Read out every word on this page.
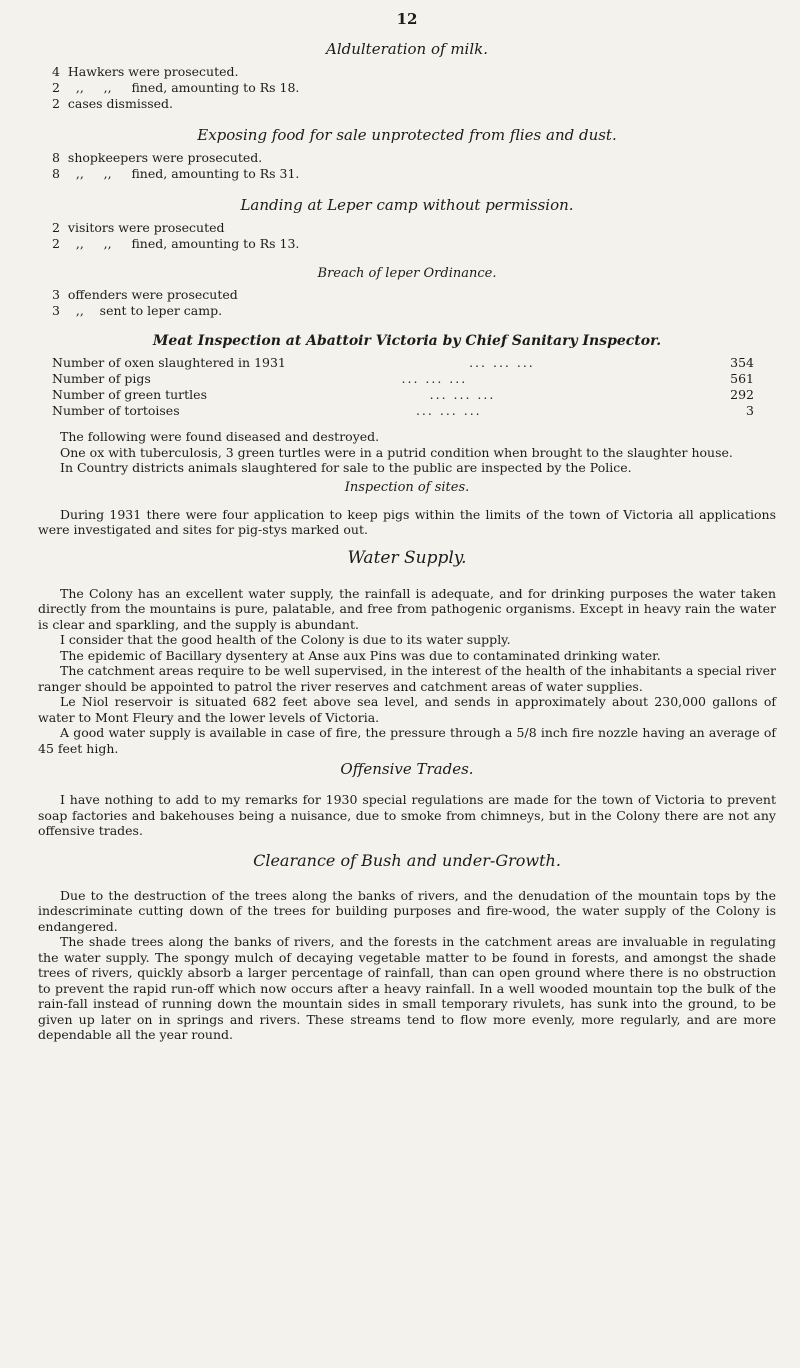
12
Aldulteration of milk.
4  Hawkers were prosecuted.
2    ,,     ,,     fined, amounting to Rs 18.
2  cases dismissed.
Exposing food for sale unprotected from flies and dust.
8  shopkeepers were prosecuted.
8    ,,     ,,     fined, amounting to Rs 31.
Landing at Leper camp without permission.
2  visitors were prosecuted
2    ,,     ,,     fined, amounting to Rs 13.
Breach of leper Ordinance.
3  offenders were prosecuted
3    ,,    sent to leper camp.
Meat Inspection at Abattoir Victoria by Chief Sanitary Inspector.
Number of oxen slaughtered in 1931	... ... ...	354
Number of pigs	... ... ...	561
Number of green turtles	... ... ...	292
Number of tortoises	... ... ...	3

The following were found diseased and destroyed.

One ox with tuberculosis, 3 green turtles were in a putrid condition when brought to the slaughter house.

In Country districts animals slaughtered for sale to the public are inspected by the Police.

Inspection of sites.

During 1931 there were four application to keep pigs within the limits of the town of Victoria all applications were investigated and sites for pig-stys marked out.

Water Supply.

The Colony has an excellent water supply, the rainfall is adequate, and for drinking purposes the water taken directly from the mountains is pure, palatable, and free from pathogenic organisms. Except in heavy rain the water is clear and sparkling, and the supply is abundant.

I consider that the good health of the Colony is due to its water supply.

The epidemic of Bacillary dysentery at Anse aux Pins was due to contaminated drinking water.

The catchment areas require to be well supervised, in the interest of the health of the inhabitants a special river ranger should be appointed to patrol the river reserves and catchment areas of water supplies.

Le Niol reservoir is situated 682 feet above sea level, and sends in approximately about 230,000 gallons of water to Mont Fleury and the lower levels of Victoria.

A good water supply is available in case of fire, the pressure through a 5/8 inch fire nozzle having an average of 45 feet high.

Offensive Trades.

I have nothing to add to my remarks for 1930 special regulations are made for the town of Victoria to prevent soap factories and bakehouses being a nuisance, due to smoke from chimneys, but in the Colony there are not any offensive trades.

Clearance of Bush and under-Growth.

Due to the destruction of the trees along the banks of rivers, and the denudation of the mountain tops by the indescriminate cutting down of the trees for building purposes and fire-wood, the water supply of the Colony is endangered.

The shade trees along the banks of rivers, and the forests in the catchment areas are invaluable in regulating the water supply. The spongy mulch of decaying vegetable matter to be found in forests, and amongst the shade trees of rivers, quickly absorb a larger percentage of rainfall, than can open ground where there is no obstruction to prevent the rapid run-off which now occurs after a heavy rainfall. In a well wooded mountain top the bulk of the rain-fall instead of running down the mountain sides in small temporary rivulets, has sunk into the ground, to be given up later on in springs and rivers. These streams tend to flow more evenly, more regularly, and are more dependable all the year round.
